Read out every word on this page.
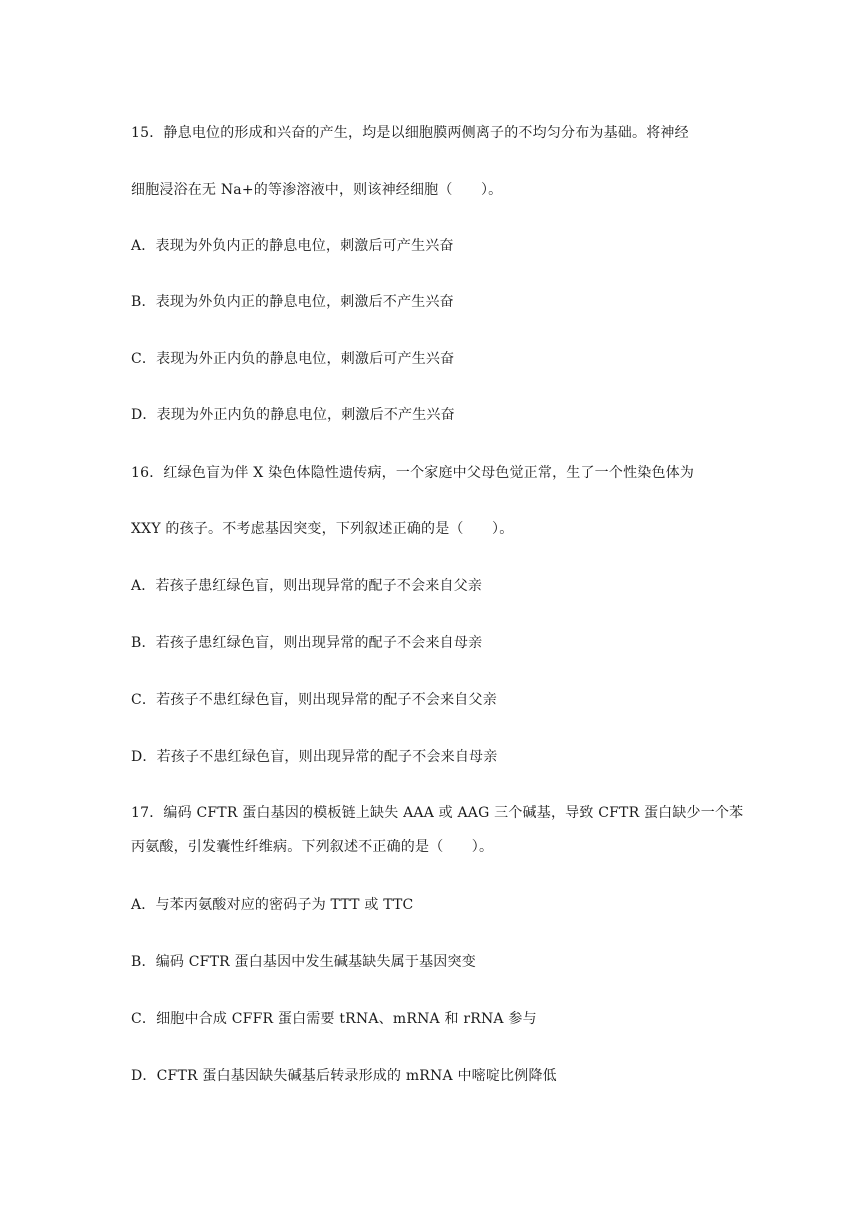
15．静息电位的形成和兴奋的产生，均是以细胞膜两侧离子的不均匀分布为基础。将神经
细胞浸浴在无 Na+的等渗溶液中，则该神经细胞（　　）。
A．表现为外负内正的静息电位，刺激后可产生兴奋
B．表现为外负内正的静息电位，刺激后不产生兴奋
C．表现为外正内负的静息电位，刺激后可产生兴奋
D．表现为外正内负的静息电位，刺激后不产生兴奋
16．红绿色盲为伴 X 染色体隐性遗传病，一个家庭中父母色觉正常，生了一个性染色体为
XXY 的孩子。不考虑基因突变，下列叙述正确的是（　　）。
A．若孩子患红绿色盲，则出现异常的配子不会来自父亲
B．若孩子患红绿色盲，则出现异常的配子不会来自母亲
C．若孩子不患红绿色盲，则出现异常的配子不会来自父亲
D．若孩子不患红绿色盲，则出现异常的配子不会来自母亲
17．编码 CFTR 蛋白基因的模板链上缺失 AAA 或 AAG 三个碱基，导致 CFTR 蛋白缺少一个苯
丙氨酸，引发囊性纤维病。下列叙述不正确的是（　　）。
A．与苯丙氨酸对应的密码子为 TTT 或 TTC
B．编码 CFTR 蛋白基因中发生碱基缺失属于基因突变
C．细胞中合成 CFFR 蛋白需要 tRNA、mRNA 和 rRNA 参与
D．CFTR 蛋白基因缺失碱基后转录形成的 mRNA 中嘧啶比例降低
